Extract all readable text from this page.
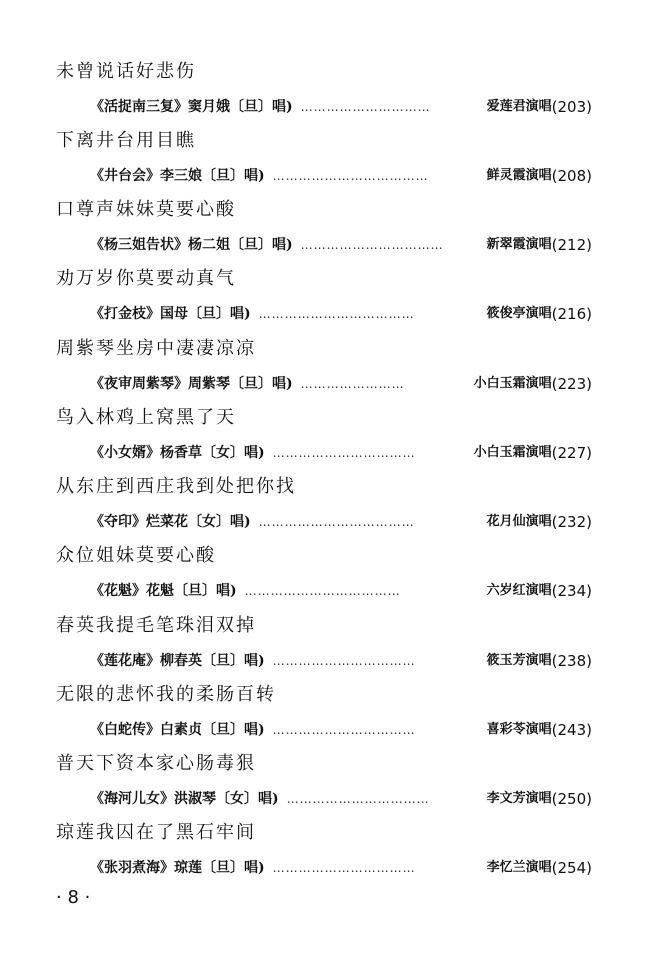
未曾说话好悲伤
《活捉南三复》窦月娥〔旦〕唱) …………………………	爱莲君演唱 (203)
下离井台用目瞧
《井台会》李三娘〔旦〕唱) ………………………………	鲜灵霞演唱 (208)
口尊声妹妹莫要心酸
《杨三姐告状》杨二姐〔旦〕唱) ……………………………	新翠霞演唱 (212)
劝万岁你莫要动真气
《打金枝》国母〔旦〕唱) ………………………………	筱俊亭演唱 (216)
周紫琴坐房中凄凄凉凉
《夜审周紫琴》周紫琴〔旦〕唱) ……………………	小白玉霜演唱 (223)
鸟入林鸡上窝黑了天
《小女婿》杨香草〔女〕唱) ……………………………	小白玉霜演唱 (227)
从东庄到西庄我到处把你找
《夺印》烂菜花〔女〕唱) ………………………………	花月仙演唱 (232)
众位姐妹莫要心酸
《花魁》花魁〔旦〕唱) ………………………………	六岁红演唱 (234)
春英我提毛笔珠泪双掉
《莲花庵》柳春英〔旦〕唱) ……………………………	筱玉芳演唱 (238)
无限的悲怀我的柔肠百转
《白蛇传》白素贞〔旦〕唱) ……………………………	喜彩苓演唱 (243)
普天下资本家心肠毒狠
《海河儿女》洪淑琴〔女〕唱) ……………………………	李文芳演唱 (250)
琼莲我囚在了黑石牢间
《张羽煮海》琼莲〔旦〕唱) ……………………………	李忆兰演唱 (254)
· 8 ·
